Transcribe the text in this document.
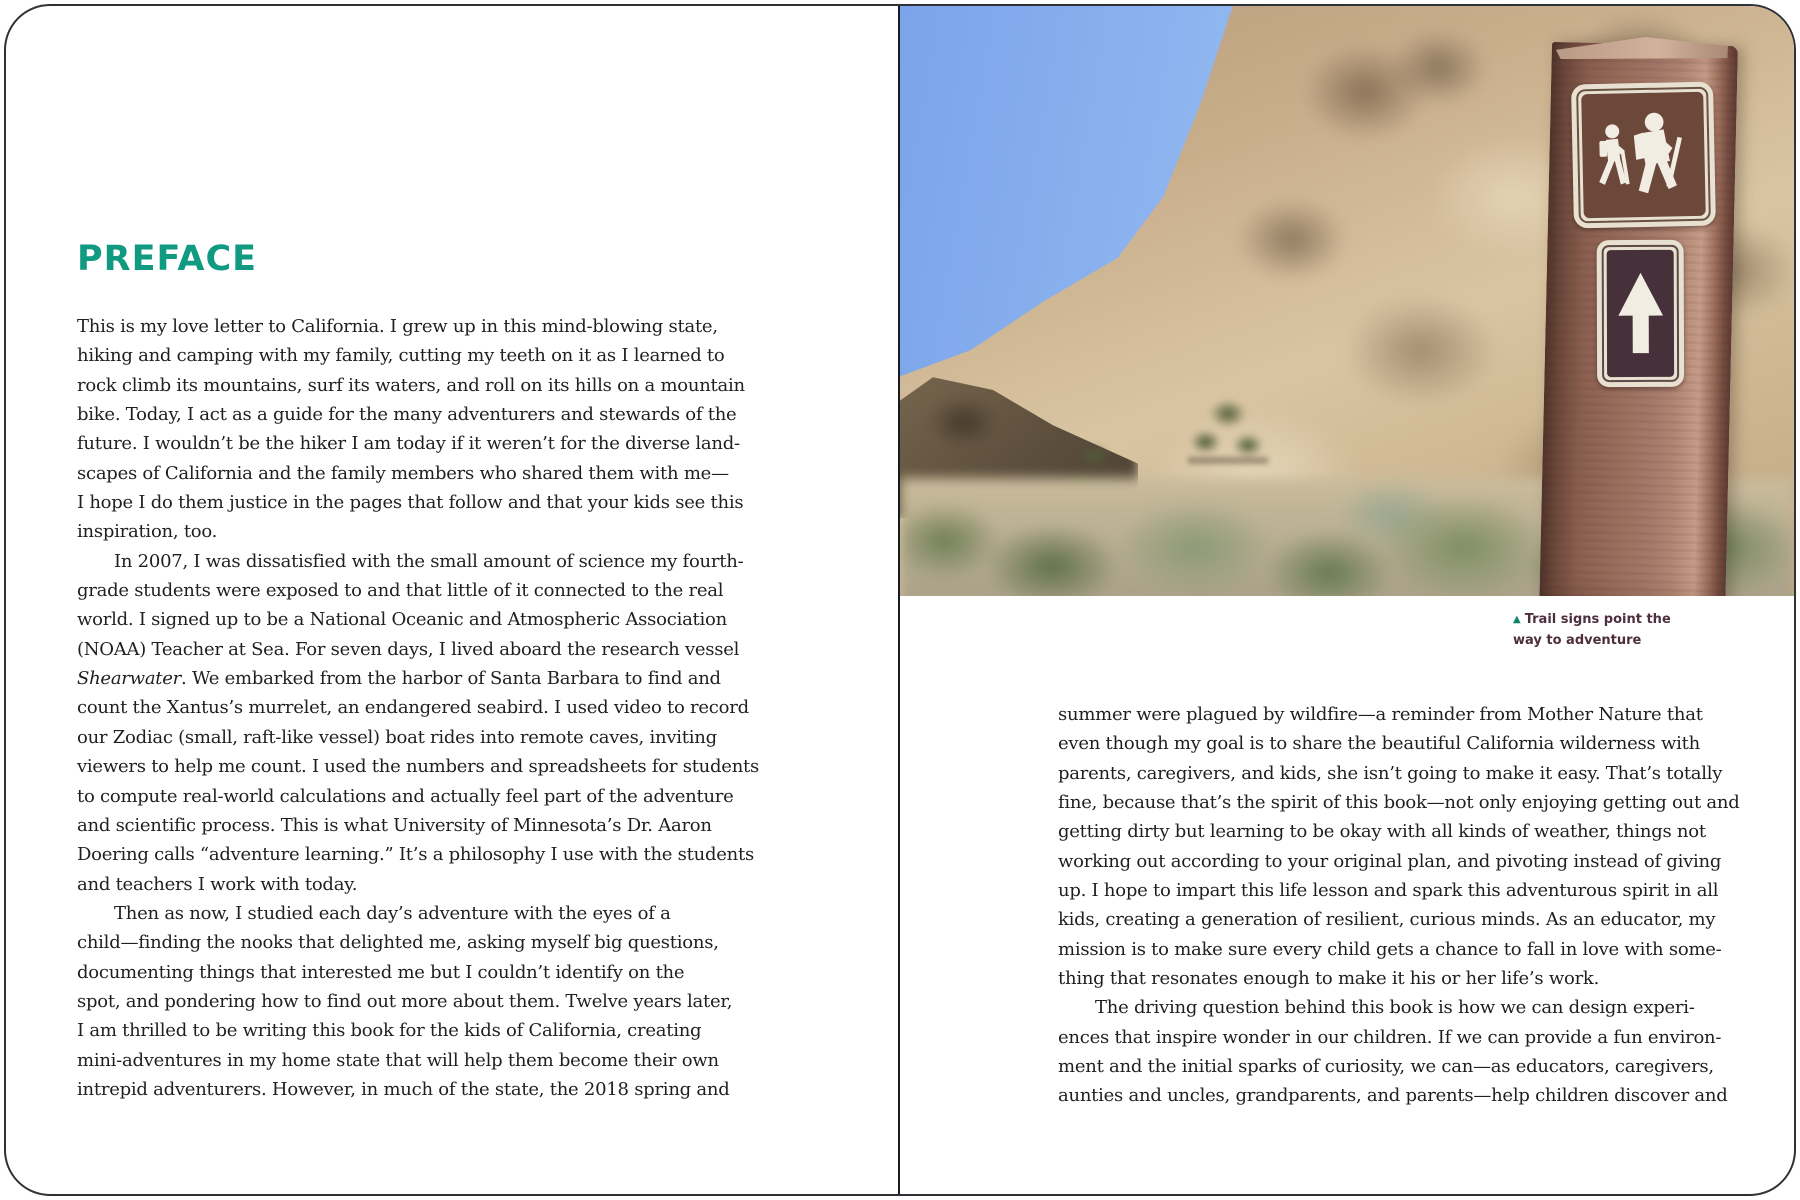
PREFACE
This is my love letter to California. I grew up in this mind-blowing state,
hiking and camping with my family, cutting my teeth on it as I learned to
rock climb its mountains, surf its waters, and roll on its hills on a mountain
bike. Today, I act as a guide for the many adventurers and stewards of the
future. I wouldn’t be the hiker I am today if it weren’t for the diverse land-
scapes of California and the family members who shared them with me—
I hope I do them justice in the pages that follow and that your kids see this
inspiration, too.
In 2007, I was dissatisfied with the small amount of science my fourth-
grade students were exposed to and that little of it connected to the real
world. I signed up to be a National Oceanic and Atmospheric Association
(NOAA) Teacher at Sea. For seven days, I lived aboard the research vessel
Shearwater. We embarked from the harbor of Santa Barbara to find and
count the Xantus’s murrelet, an endangered seabird. I used video to record
our Zodiac (small, raft-like vessel) boat rides into remote caves, inviting
viewers to help me count. I used the numbers and spreadsheets for students
to compute real-world calculations and actually feel part of the adventure
and scientific process. This is what University of Minnesota’s Dr. Aaron
Doering calls “adventure learning.” It’s a philosophy I use with the students
and teachers I work with today.
Then as now, I studied each day’s adventure with the eyes of a
child—finding the nooks that delighted me, asking myself big questions,
documenting things that interested me but I couldn’t identify on the
spot, and pondering how to find out more about them. Twelve years later,
I am thrilled to be writing this book for the kids of California, creating
mini-adventures in my home state that will help them become their own
intrepid adventurers. However, in much of the state, the 2018 spring and
▲ Trail signs point the way to adventure
summer were plagued by wildfire—a reminder from Mother Nature that
even though my goal is to share the beautiful California wilderness with
parents, caregivers, and kids, she isn’t going to make it easy. That’s totally
fine, because that’s the spirit of this book—not only enjoying getting out and
getting dirty but learning to be okay with all kinds of weather, things not
working out according to your original plan, and pivoting instead of giving
up. I hope to impart this life lesson and spark this adventurous spirit in all
kids, creating a generation of resilient, curious minds. As an educator, my
mission is to make sure every child gets a chance to fall in love with some-
thing that resonates enough to make it his or her life’s work.
The driving question behind this book is how we can design experi-
ences that inspire wonder in our children. If we can provide a fun environ-
ment and the initial sparks of curiosity, we can—as educators, caregivers,
aunties and uncles, grandparents, and parents—help children discover and
